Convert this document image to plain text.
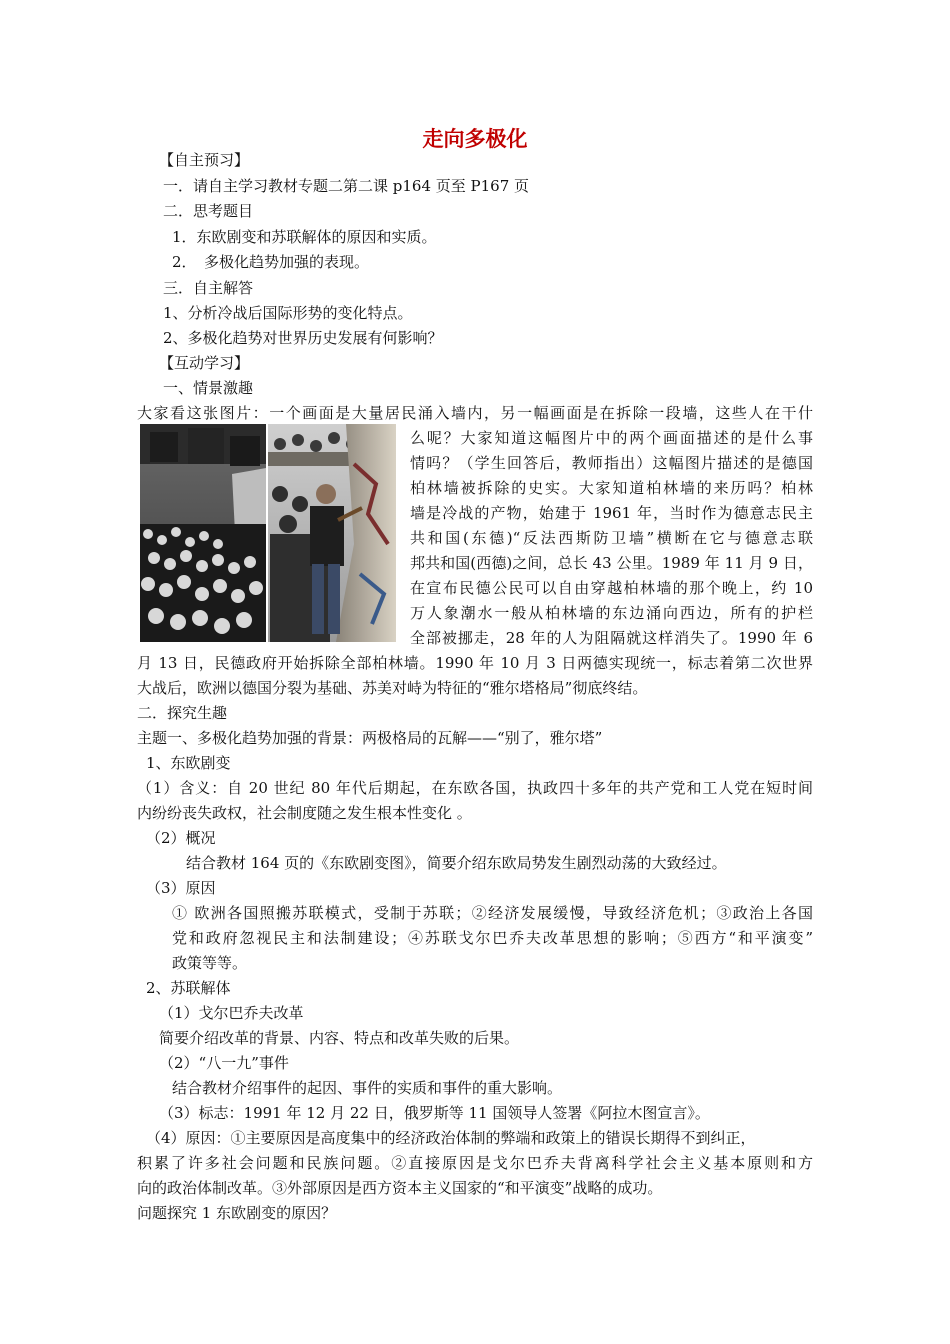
走向多极化
【自主预习】
一．请自主学习教材专题二第二课 p164 页至 P167 页
二．思考题目
1．东欧剧变和苏联解体的原因和实质。
2．　多极化趋势加强的表现。
三．自主解答
1、分析冷战后国际形势的变化特点。
2、多极化趋势对世界历史发展有何影响？
【互动学习】
一、情景激趣
大家看这张图片：一个画面是大量居民涌入墙内，另一幅画面是在拆除一段墙，这些人在干什
么呢？大家知道这幅图片中的两个画面描述的是什么事
情吗？（学生回答后，教师指出）这幅图片描述的是德国
柏林墙被拆除的史实。大家知道柏林墙的来历吗？柏林
墙是冷战的产物，始建于 1961 年，当时作为德意志民主
共和国(东德)“反法西斯防卫墙”横断在它与德意志联
邦共和国(西德)之间，总长 43 公里。1989 年 11 月 9 日，
在宣布民德公民可以自由穿越柏林墙的那个晚上，约 10
万人象潮水一般从柏林墙的东边涌向西边，所有的护栏
全部被挪走，28 年的人为阻隔就这样消失了。1990 年 6
月 13 日，民德政府开始拆除全部柏林墙。1990 年 10 月 3 日两德实现统一，标志着第二次世界
大战后，欧洲以德国分裂为基础、苏美对峙为特征的“雅尔塔格局”彻底终结。
二．探究生趣
主题一、多极化趋势加强的背景：两极格局的瓦解——“别了，雅尔塔”
1、东欧剧变
（1）含义：自 20 世纪 80 年代后期起，在东欧各国，执政四十多年的共产党和工人党在短时间
内纷纷丧失政权，社会制度随之发生根本性变化 。
（2）概况
结合教材 164 页的《东欧剧变图》，简要介绍东欧局势发生剧烈动荡的大致经过。
（3）原因
① 欧洲各国照搬苏联模式，受制于苏联；②经济发展缓慢，导致经济危机；③政治上各国
党和政府忽视民主和法制建设；④苏联戈尔巴乔夫改革思想的影响；⑤西方“和平演变”
政策等等。
2、苏联解体
（1）戈尔巴乔夫改革
简要介绍改革的背景、内容、特点和改革失败的后果。
（2）“八一九”事件
结合教材介绍事件的起因、事件的实质和事件的重大影响。
（3）标志：1991 年 12 月 22 日，俄罗斯等 11 国领导人签署《阿拉木图宣言》。
（4）原因：①主要原因是高度集中的经济政治体制的弊端和政策上的错误长期得不到纠正，
积累了许多社会问题和民族问题。②直接原因是戈尔巴乔夫背离科学社会主义基本原则和方
向的政治体制改革。③外部原因是西方资本主义国家的“和平演变”战略的成功。
问题探究 1 东欧剧变的原因？
